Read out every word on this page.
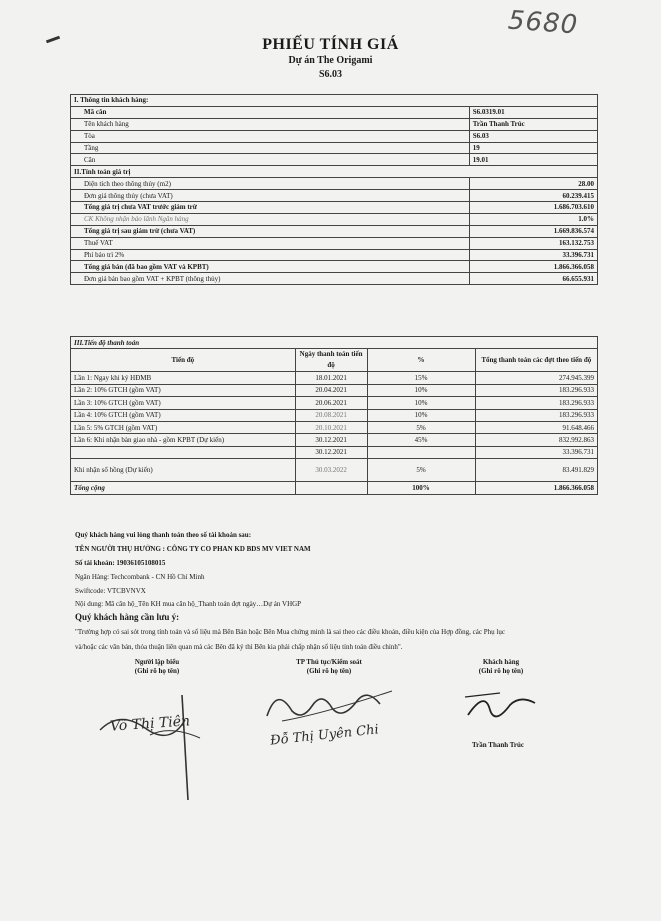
5680
PHIẾU TÍNH GIÁ
Dự án The Origami
S6.03
I. Thông tin khách hàng:	
Mã căn	S6.0319.01
Tên khách hàng	Trần Thanh Trúc
Tòa	S6.03
Tầng	19
Căn	19.01
II.Tính toán giá trị	
Diện tích theo thông thủy (m2)	28.00
Đơn giá thông thủy (chưa VAT)	60.239.415
Tổng giá trị chưa VAT trước giảm trừ	1.686.703.610
CK Không nhận bảo lãnh Ngân hàng	1.0%
Tổng giá trị sau giảm trừ (chưa VAT)	1.669.836.574
Thuế VAT	163.132.753
Phí bảo trì 2%	33.396.731
Tổng giá bán (đã bao gồm VAT và KPBT)	1.866.366.058
Đơn giá bán bao gồm VAT + KPBT (thông thủy)	66.655.931
III.Tiến độ thanh toán			
Tiến độ	Ngày thanh toán tiến độ	%	Tổng thanh toán các đợt theo tiến độ
Lần 1: Ngay khi ký HĐMB	18.01.2021	15%	274.945.399
Lần 2: 10% GTCH (gồm VAT)	20.04.2021	10%	183.296.933
Lần 3: 10% GTCH (gồm VAT)	20.06.2021	10%	183.296.933
Lần 4: 10% GTCH (gồm VAT)	20.08.2021	10%	183.296.933
Lần 5: 5% GTCH (gồm VAT)	20.10.2021	5%	91.648.466
Lần 6: Khi nhận bàn giao nhà - gồm KPBT (Dự kiến)	30.12.2021	45%	832.992.863
	30.12.2021		33.396.731
Khi nhận sổ hồng (Dự kiến)	30.03.2022	5%	83.491.829
Tổng cộng		100%	1.866.366.058
Quý khách hàng vui lòng thanh toán theo số tài khoản sau:
TÊN NGƯỜI THỤ HƯỞNG : CÔNG TY CO PHAN KD BDS MV VIET NAM
Số tài khoản: 19036105108015
Ngân Hàng: Techcombank - CN Hồ Chí Minh
Swiftcode: VTCBVNVX
Nội dung: Mã căn hộ_Tên KH mua căn hộ_Thanh toán đợt ngày…Dự án VHGP
Quý khách hàng cần lưu ý:
"Trường hợp có sai sót trong tính toán và số liệu mà Bên Bán hoặc Bên Mua chứng minh là sai theo các điều khoản, điều kiện của Hợp đồng, các Phụ lục
và/hoặc các văn bản, thỏa thuận liên quan mà các Bên đã ký thì Bên kia phải chấp nhận số liệu tính toán điều chỉnh".
Người lập biểu
(Ghi rõ họ tên)
TP Thủ tục/Kiểm soát
(Ghi rõ họ tên)
Khách hàng
(Ghi rõ họ tên)
Võ Thị Tiên	Đỗ Thị Uyên Chi	Trần Thanh Trúc
